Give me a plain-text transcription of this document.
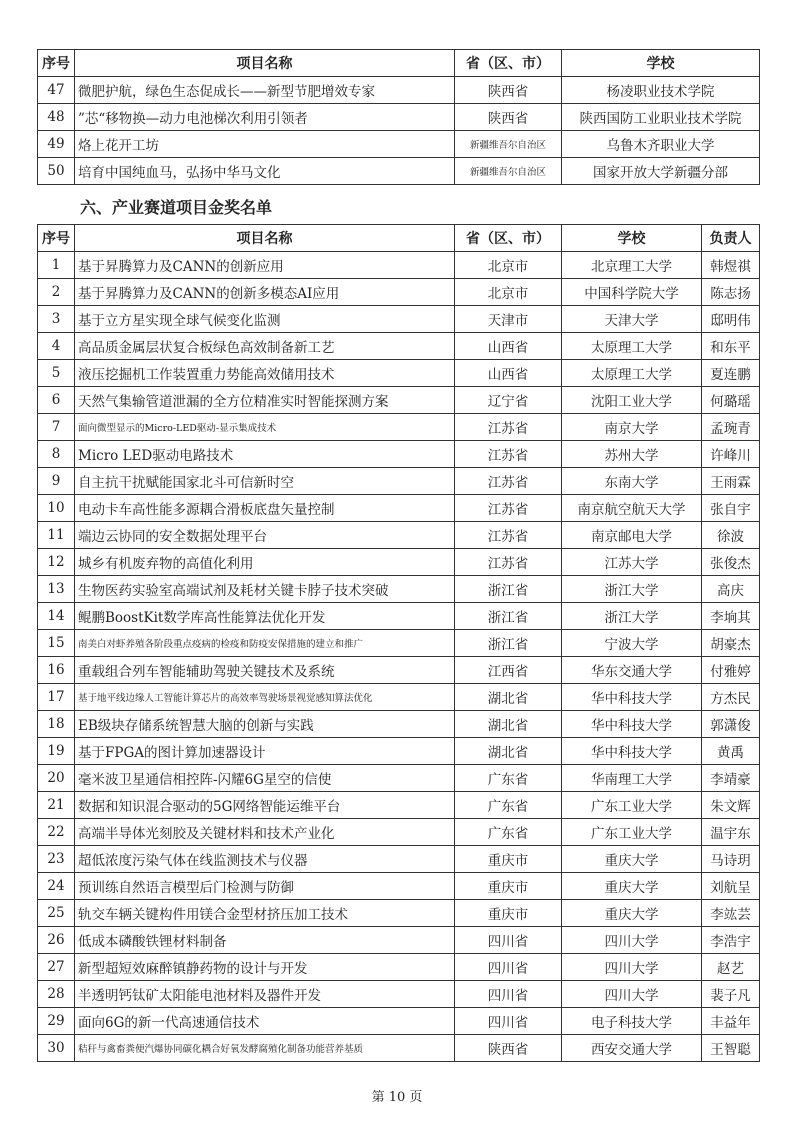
序号	项目名称	省（区、市）	学校
47	微肥护航，绿色生态促成长——新型节肥增效专家	陕西省	杨凌职业技术学院
48	”芯“移物换—动力电池梯次利用引领者	陕西省	陕西国防工业职业技术学院
49	烙上花开工坊	新疆维吾尔自治区	乌鲁木齐职业大学
50	培育中国纯血马，弘扬中华马文化	新疆维吾尔自治区	国家开放大学新疆分部
六、产业赛道项目金奖名单
序号	项目名称	省（区、市）	学校	负责人
1	基于昇腾算力及CANN的创新应用	北京市	北京理工大学	韩煜祺
2	基于昇腾算力及CANN的创新多模态AI应用	北京市	中国科学院大学	陈志扬
3	基于立方星实现全球气候变化监测	天津市	天津大学	邸明伟
4	高品质金属层状复合板绿色高效制备新工艺	山西省	太原理工大学	和东平
5	液压挖掘机工作装置重力势能高效储用技术	山西省	太原理工大学	夏连鹏
6	天然气集输管道泄漏的全方位精准实时智能探测方案	辽宁省	沈阳工业大学	何璐瑶
7	面向微型显示的Micro-LED驱动-显示集成技术	江苏省	南京大学	孟琬青
8	Micro LED驱动电路技术	江苏省	苏州大学	许峰川
9	自主抗干扰赋能国家北斗可信新时空	江苏省	东南大学	王雨霖
10	电动卡车高性能多源耦合滑板底盘矢量控制	江苏省	南京航空航天大学	张自宇
11	端边云协同的安全数据处理平台	江苏省	南京邮电大学	徐波
12	城乡有机废弃物的高值化利用	江苏省	江苏大学	张俊杰
13	生物医药实验室高端试剂及耗材关键卡脖子技术突破	浙江省	浙江大学	高庆
14	鲲鹏BoostKit数学库高性能算法优化开发	浙江省	浙江大学	李垧其
15	南美白对虾养殖各阶段重点疫病的检疫和防疫安保措施的建立和推广	浙江省	宁波大学	胡豪杰
16	重载组合列车智能辅助驾驶关键技术及系统	江西省	华东交通大学	付雅婷
17	基于地平线边缘人工智能计算芯片的高效率驾驶场景视觉感知算法优化	湖北省	华中科技大学	方杰民
18	EB级块存储系统智慧大脑的创新与实践	湖北省	华中科技大学	郭潇俊
19	基于FPGA的图计算加速器设计	湖北省	华中科技大学	黄禹
20	毫米波卫星通信相控阵-闪耀6G星空的信使	广东省	华南理工大学	李靖豪
21	数据和知识混合驱动的5G网络智能运维平台	广东省	广东工业大学	朱文辉
22	高端半导体光刻胶及关键材料和技术产业化	广东省	广东工业大学	温宇东
23	超低浓度污染气体在线监测技术与仪器	重庆市	重庆大学	马诗玥
24	预训练自然语言模型后门检测与防御	重庆市	重庆大学	刘航呈
25	轨交车辆关键构件用镁合金型材挤压加工技术	重庆市	重庆大学	李竑芸
26	低成本磷酸铁锂材料制备	四川省	四川大学	李浩宇
27	新型超短效麻醉镇静药物的设计与开发	四川省	四川大学	赵艺
28	半透明钙钛矿太阳能电池材料及器件开发	四川省	四川大学	裴子凡
29	面向6G的新一代高速通信技术	四川省	电子科技大学	丰益年
30	秸秆与禽畜粪便汽爆协同碳化耦合好氧发酵腐殖化制备功能营养基质	陕西省	西安交通大学	王智聪
第 10 页
